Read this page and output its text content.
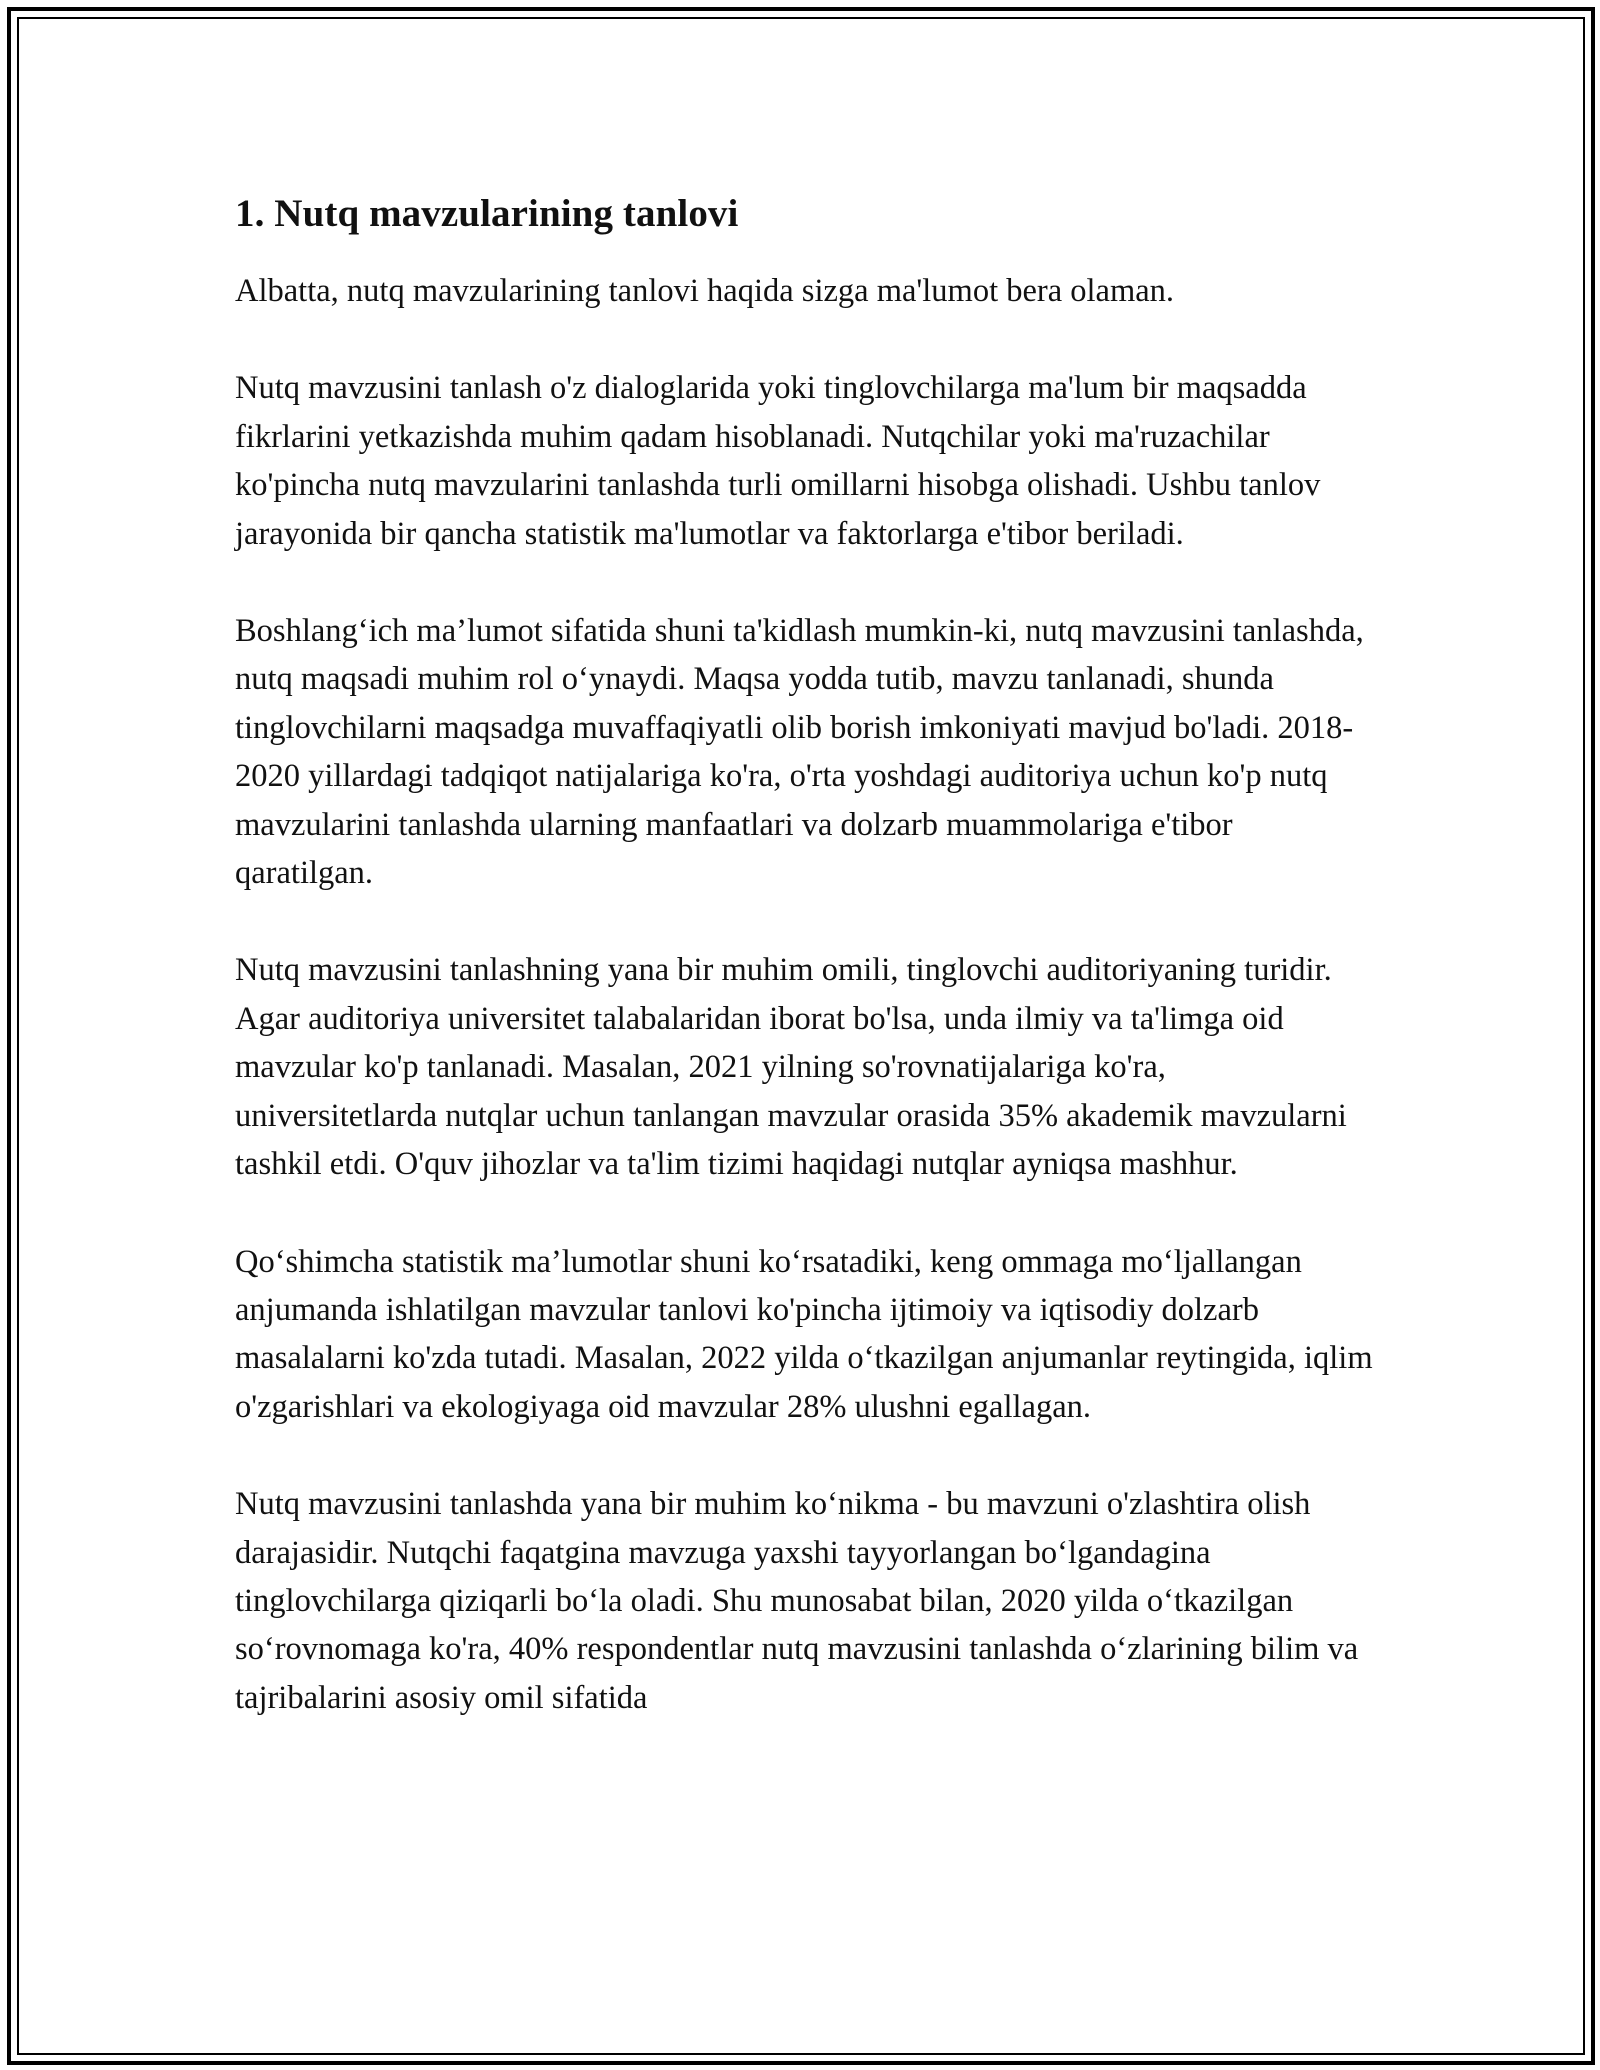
1. Nutq mavzularining tanlovi

Albatta, nutq mavzularining tanlovi haqida sizga ma'lumot bera olaman.

Nutq mavzusini tanlash o'z dialoglarida yoki tinglovchilarga ma'lum bir maqsadda fikrlarini yetkazishda muhim qadam hisoblanadi. Nutqchilar yoki ma'ruzachilar ko'pincha nutq mavzularini tanlashda turli omillarni hisobga olishadi. Ushbu tanlov jarayonida bir qancha statistik ma'lumotlar va faktorlarga e'tibor beriladi.

Boshlang‘ich ma’lumot sifatida shuni ta'kidlash mumkin-ki, nutq mavzusini tanlashda, nutq maqsadi muhim rol o‘ynaydi. Maqsa yodda tutib, mavzu tanlanadi, shunda tinglovchilarni maqsadga muvaffaqiyatli olib borish imkoniyati mavjud bo'ladi. 2018-2020 yillardagi tadqiqot natijalariga ko'ra, o'rta yoshdagi auditoriya uchun ko'p nutq mavzularini tanlashda ularning manfaatlari va dolzarb muammolariga e'tibor qaratilgan.

Nutq mavzusini tanlashning yana bir muhim omili, tinglovchi auditoriyaning turidir. Agar auditoriya universitet talabalaridan iborat bo'lsa, unda ilmiy va ta'limga oid mavzular ko'p tanlanadi. Masalan, 2021 yilning so'rovnatijalariga ko'ra, universitetlarda nutqlar uchun tanlangan mavzular orasida 35% akademik mavzularni tashkil etdi. O'quv jihozlar va ta'lim tizimi haqidagi nutqlar ayniqsa mashhur.

Qo‘shimcha statistik ma’lumotlar shuni ko‘rsatadiki, keng ommaga mo‘ljallangan anjumanda ishlatilgan mavzular tanlovi ko'pincha ijtimoiy va iqtisodiy dolzarb masalalarni ko'zda tutadi. Masalan, 2022 yilda o‘tkazilgan anjumanlar reytingida, iqlim o'zgarishlari va ekologiyaga oid mavzular 28% ulushni egallagan.

Nutq mavzusini tanlashda yana bir muhim ko‘nikma - bu mavzuni o'zlashtira olish darajasidir. Nutqchi faqatgina mavzuga yaxshi tayyorlangan bo‘lgandagina tinglovchilarga qiziqarli bo‘la oladi. Shu munosabat bilan, 2020 yilda o‘tkazilgan so‘rovnomaga ko'ra, 40% respondentlar nutq mavzusini tanlashda o‘zlarining bilim va tajribalarini asosiy omil sifatida
